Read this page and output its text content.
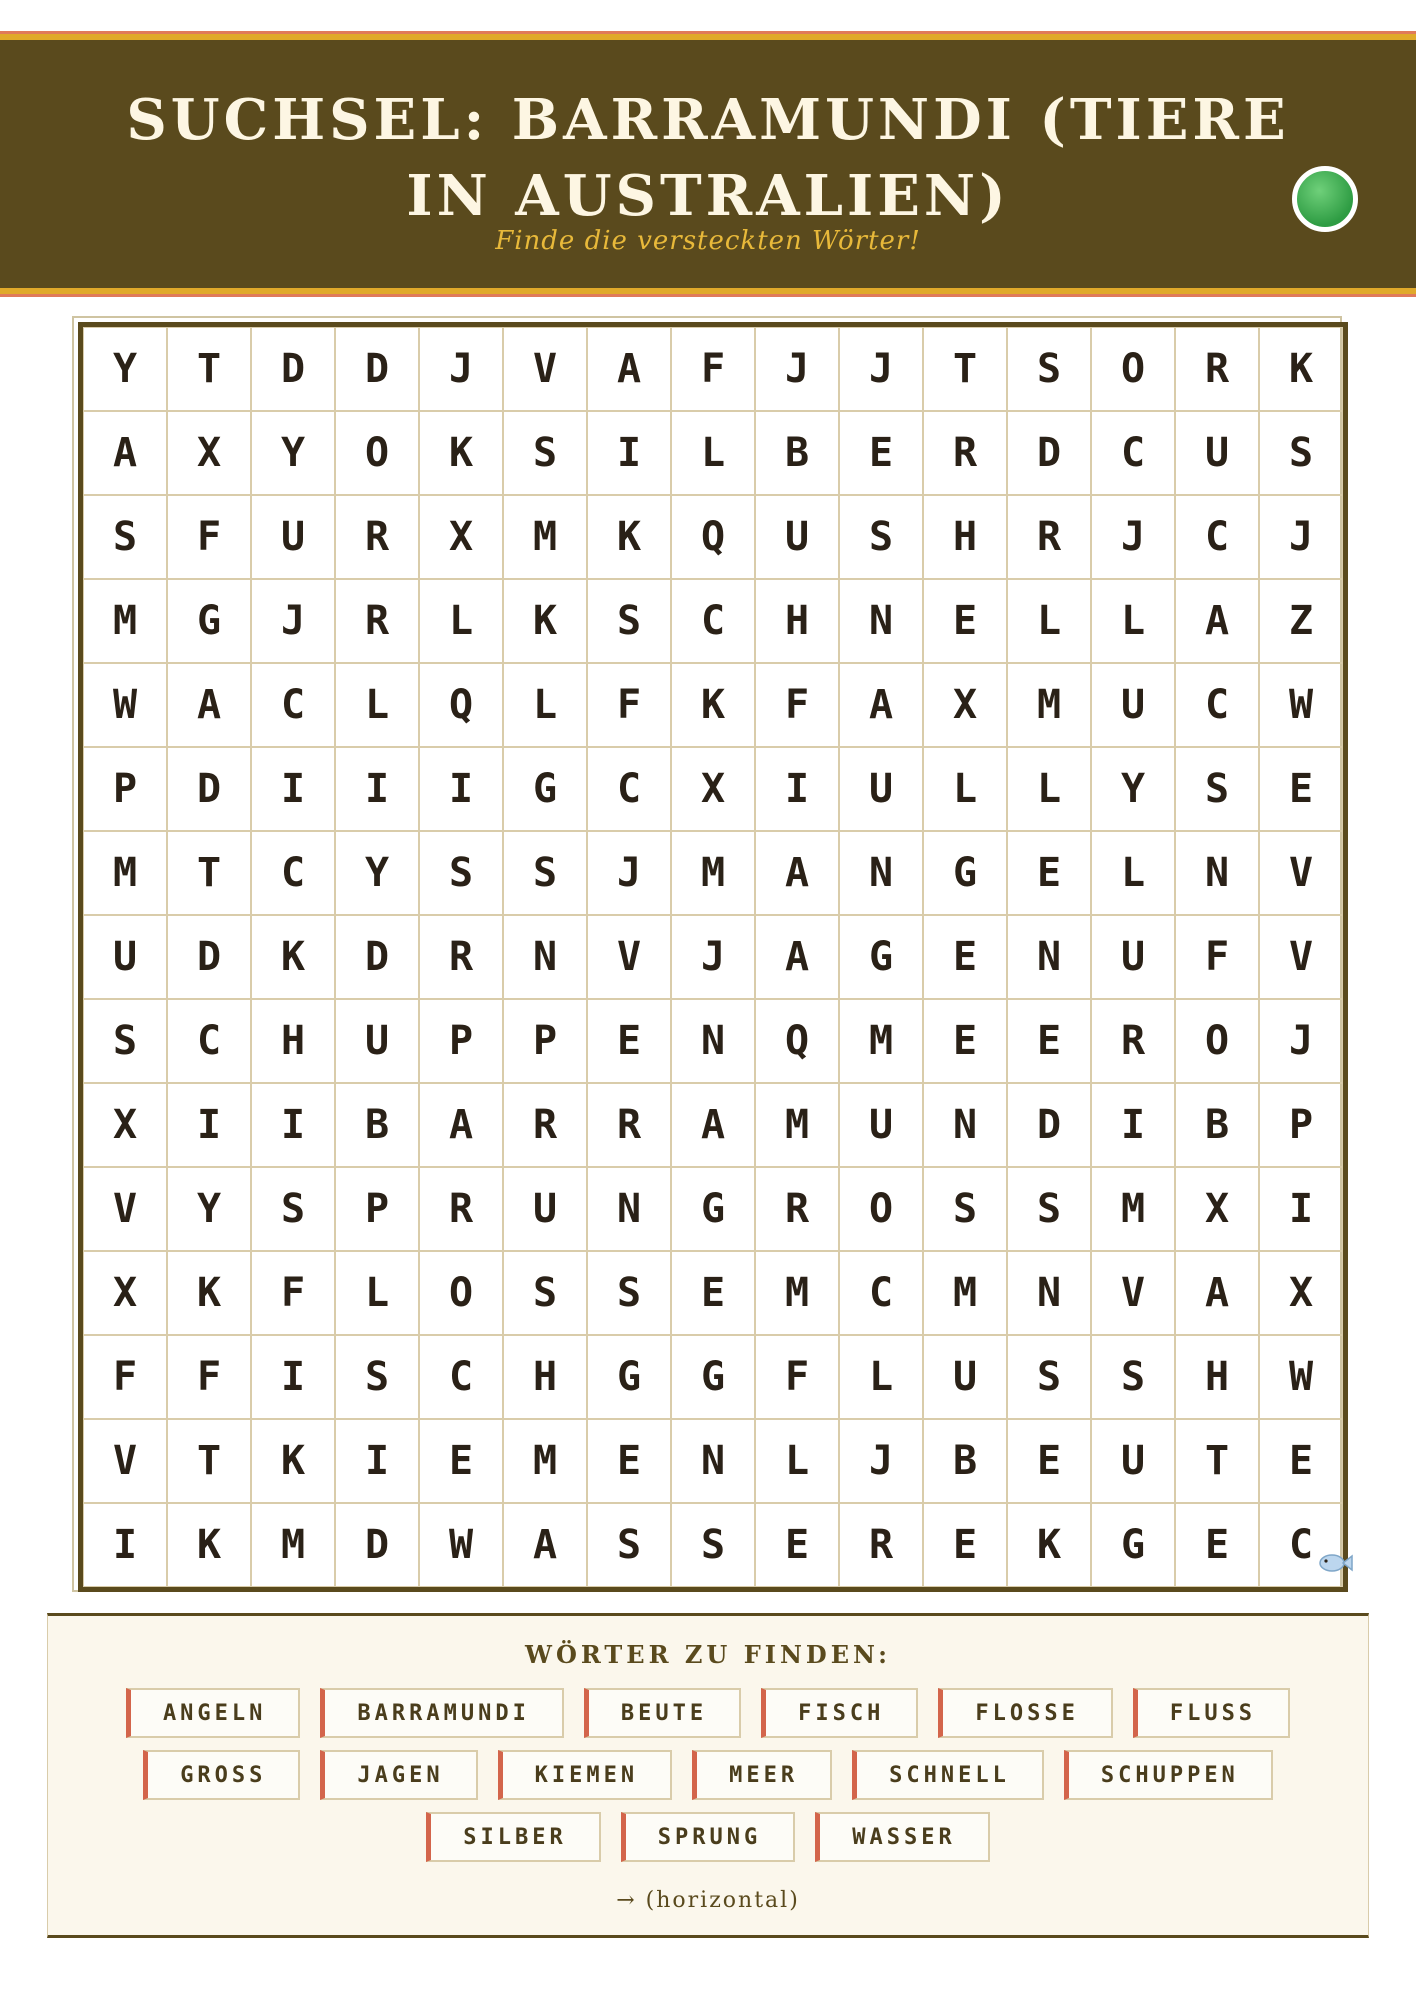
SUCHSEL: BARRAMUNDI (TIERE IN AUSTRALIEN)
Finde die versteckten Wörter!
Y	T	D	D	J	V	A	F	J	J	T	S	O	R	K
A	X	Y	O	K	S	I	L	B	E	R	D	C	U	S
S	F	U	R	X	M	K	Q	U	S	H	R	J	C	J
M	G	J	R	L	K	S	C	H	N	E	L	L	A	Z
W	A	C	L	Q	L	F	K	F	A	X	M	U	C	W
P	D	I	I	I	G	C	X	I	U	L	L	Y	S	E
M	T	C	Y	S	S	J	M	A	N	G	E	L	N	V
U	D	K	D	R	N	V	J	A	G	E	N	U	F	V
S	C	H	U	P	P	E	N	Q	M	E	E	R	O	J
X	I	I	B	A	R	R	A	M	U	N	D	I	B	P
V	Y	S	P	R	U	N	G	R	O	S	S	M	X	I
X	K	F	L	O	S	S	E	M	C	M	N	V	A	X
F	F	I	S	C	H	G	G	F	L	U	S	S	H	W
V	T	K	I	E	M	E	N	L	J	B	E	U	T	E
I	K	M	D	W	A	S	S	E	R	E	K	G	E	C
WÖRTER ZU FINDEN:
ANGELN	BARRAMUNDI	BEUTE	FISCH	FLOSSE	FLUSS
GROSS	JAGEN	KIEMEN	MEER	SCHNELL	SCHUPPEN
SILBER	SPRUNG	WASSER
→ (horizontal)
